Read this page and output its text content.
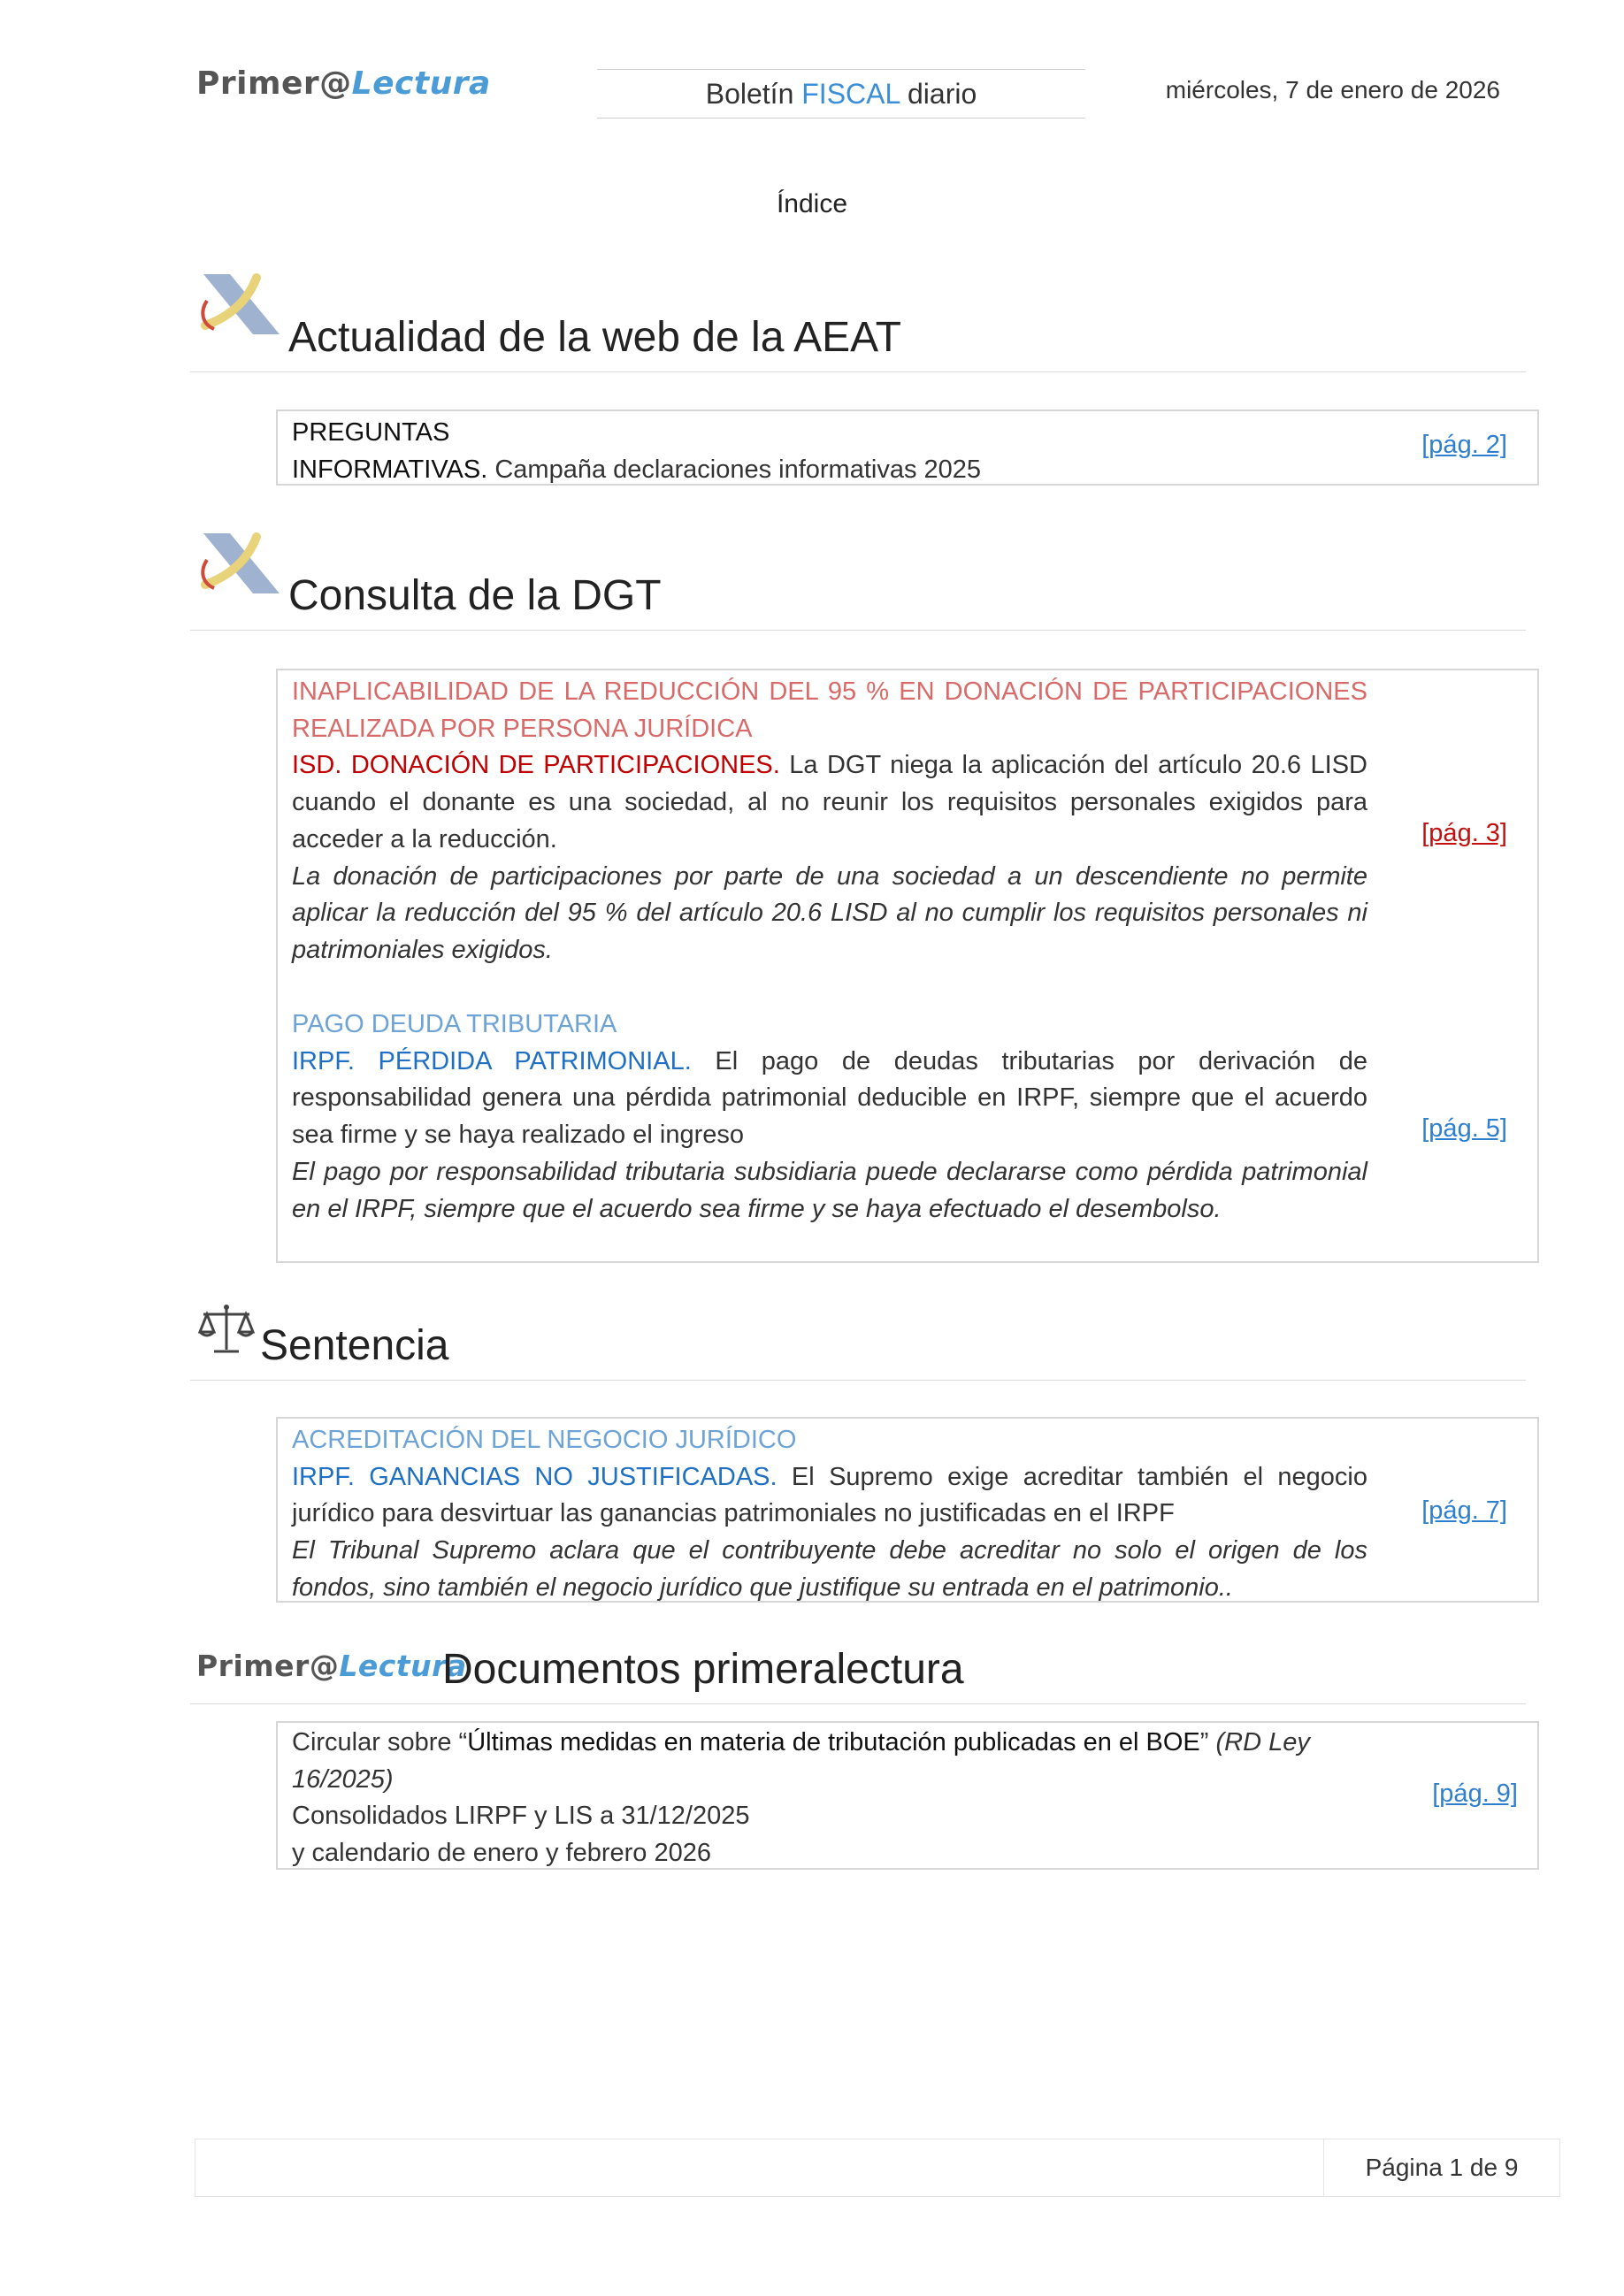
Primer@Lectura	Boletín FISCAL diario	miércoles, 7 de enero de 2026
Índice
Actualidad de la web de la AEAT
PREGUNTAS
INFORMATIVAS. Campaña declaraciones informativas 2025
[pág. 2]
Consulta de la DGT
INAPLICABILIDAD DE LA REDUCCIÓN DEL 95 % EN DONACIÓN DE PARTICIPACIONES REALIZADA POR PERSONA JURÍDICA
ISD. DONACIÓN DE PARTICIPACIONES. La DGT niega la aplicación del artículo 20.6 LISD cuando el donante es una sociedad, al no reunir los requisitos personales exigidos para acceder a la reducción.
La donación de participaciones por parte de una sociedad a un descendiente no permite aplicar la reducción del 95 % del artículo 20.6 LISD al no cumplir los requisitos personales ni patrimoniales exigidos.
[pág. 3]
PAGO DEUDA TRIBUTARIA
IRPF. PÉRDIDA PATRIMONIAL. El pago de deudas tributarias por derivación de responsabilidad genera una pérdida patrimonial deducible en IRPF, siempre que el acuerdo sea firme y se haya realizado el ingreso
El pago por responsabilidad tributaria subsidiaria puede declararse como pérdida patrimonial en el IRPF, siempre que el acuerdo sea firme y se haya efectuado el desembolso.
[pág. 5]
Sentencia
ACREDITACIÓN DEL NEGOCIO JURÍDICO
IRPF. GANANCIAS NO JUSTIFICADAS. El Supremo exige acreditar también el negocio jurídico para desvirtuar las ganancias patrimoniales no justificadas en el IRPF
El Tribunal Supremo aclara que el contribuyente debe acreditar no solo el origen de los fondos, sino también el negocio jurídico que justifique su entrada en el patrimonio..
[pág. 7]
Primer@Lectura
Documentos primeralectura
Circular sobre “Últimas medidas en materia de tributación publicadas en el BOE” (RD Ley 16/2025)
Consolidados LIRPF y LIS a 31/12/2025
y calendario de enero y febrero 2026
[pág. 9]
Página 1 de 9
